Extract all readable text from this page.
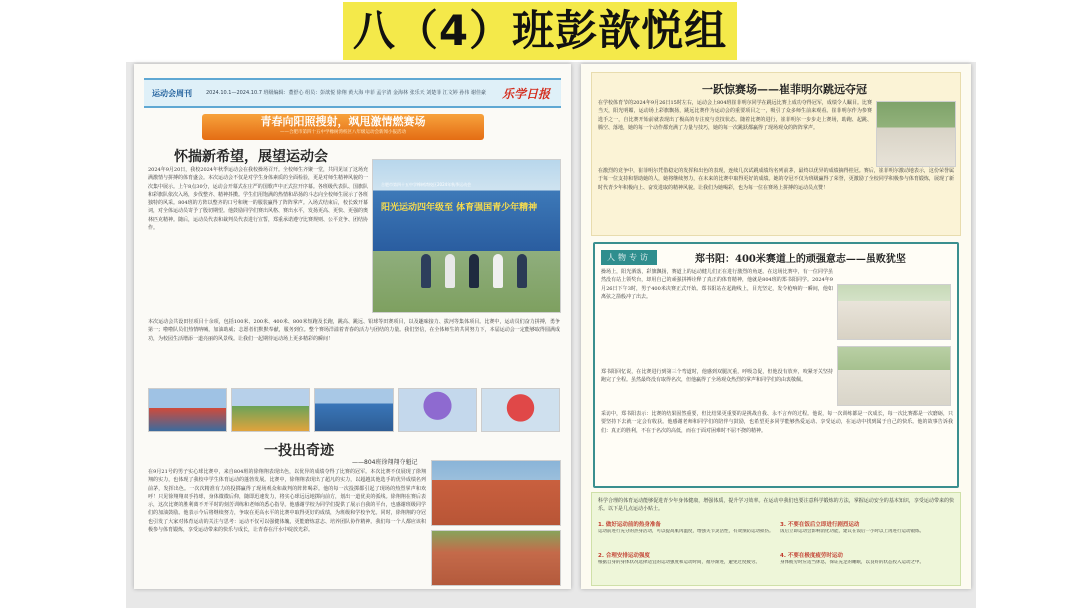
八（4）班彭歆悦组
运动会周刊	2024.10.1—2024.10.7 班级编辑：董舒心 组员：彭歆悦 徐翔 黄大海 申菲 孟宇清 金海林 张乐天 刘楚菲 江文婷 孙伟 谢佳豪	乐学日报
青春向阳照搜射，飒甩激情燃赛场
——合肥市第四十五中学橡树湾校区八年级运动会新闻小报活动
怀揣新希望，展望运动会
2024年9月20日，我校2024年秋季运动会在我校操场召开。全校师生齐聚一堂，共同见证了这场充满激情与拼搏的体育盛会。本次运动会不仅是对学生身体素质的全面检验，更是对师生精神风貌的一次集中展示。上午8点30分，运动会开幕式在庄严的国歌声中正式拉开序幕。各班级代表队、国旗队和彩旗队依次入场，步伐整齐、精神抖擞。学生们用饱满的热情和昂扬的斗志向全校师生展示了各班独特的风采。804班的方阵以整齐的口号和统一的服装赢得了阵阵掌声。入场式结束后，校长致开幕词，对全体运动员寄予了殷切期望。他鼓励同学们赛出风格、赛出水平，发扬更高、更快、更强的奥林匹克精神。随后，运动员代表和裁判员代表进行宣誓，郑重承诺遵守比赛规则、公平竞争、团结协作。
合肥市第四十五中学橡树湾校区2024年秋季运动会
阳光运动四年级至 体育强国青少年精神
本次运动会共设田径项目十余项，包括100米、200米、400米、800米短跑及长跑，跳高、跳远、铅球等田赛项目，以及趣味接力、拔河等集体项目。比赛中，运动员们奋力拼搏，勇争第一；啦啦队员们热情呐喊，加油助威；志愿者们默默奉献，服务到位。整个赛场洋溢着青春的活力与团结的力量。我们坚信，在全体师生的共同努力下，本届运动会一定能够取得圆满成功，为校园生活增添一道亮丽的风景线。让我们一起期待运动场上更多精彩的瞬间！
一投出奇迹
——804班徐翔翔夺魁记
在9月21号的男子实心球比赛中，来自804班的徐翔翔表现出色，以优异的成绩夺得了比赛的冠军。本次比赛不仅展现了徐翔翔的实力，也体现了我校中学生体育运动的蓬勃发展。比赛中，徐翔翔表现出了超凡的实力，以超越其他选手的优异成绩名列前茅，发挥出色。一次次精准有力的投掷赢得了现场观众和裁判的阵阵喝彩。他的每一次投掷都引起了现场的热烈掌声和欢呼！只见徐翔翔双手持球，身体微微后仰，随即迅速发力，将实心球远远地掷向前方，划出一道优美的弧线。徐翔翔在赛后表示，这次比赛的胜利离不开平时的刻苦训练和老师的悉心指导。他感谢学校为同学们提供了展示自我的平台，也感谢班级同学们的加油鼓励。他表示今后将继续努力，争取在更高水平的比赛中取得更好的成绩，为班级和学校争光。同时，徐翔翔的夺冠也引发了大家对体育运动的关注与思考：运动不仅可以强健体魄，更能磨炼意志、培养团队协作精神。我们每一个人都应该积极参与体育锻炼，享受运动带来的快乐与成长，让青春在汗水中绽放光彩。
一跃惊赛场——崔菲明尔跳远夺冠
在学校体育节的2024年9月26日15时左右，运动会上804班崔菲明尔同学在跳远比赛上成功夺得冠军，成绩令人瞩目。比赛当天，阳光明媚，运动场上彩旗飘扬，跳远比赛作为运动会的重要项目之一，吸引了众多师生前来观看。崔菲明尔作为参赛选手之一，自比赛开始前就表现出了极高的专注度与竞技状态。随着比赛的进行，崔菲明尔一步步走上赛场，助跑、起跳、腾空、落地，她的每一个动作都充满了力量与技巧，她的每一次跳跃都赢得了现场观众的阵阵掌声。
在激烈的竞争中，崔菲明尔凭借稳定的发挥和出色的表现，连续几次试跳成绩均名列前茅，最终以优异的成绩摘得桂冠。赛后，崔菲明尔激动地表示，这份荣誉属于每一位支持和帮助她的人，她将继续努力，在未来的比赛中取得更好的成绩。她的夺冠不仅为班级赢得了荣誉，更激励了全校同学积极参与体育锻炼，展现了新时代青少年积极向上、奋发进取的精神风貌。让我们为她喝彩，也为每一位在赛场上拼搏的运动员点赞！
人物专访	郑书阳：400米赛道上的顽强意志——虽败犹坚
操场上，阳光洒落，彩旗飘扬，赛道上的运动健儿们正在进行激烈的角逐。在这场比赛中，有一位同学虽然没有站上领奖台，却用自己的顽强拼搏诠释了真正的体育精神，他就是804班的郑书阳同学。2024年9月26日下午3时，男子400米决赛正式开始。郑书阳站在起跑线上，目光坚定，发令枪响的一瞬间，他如离弦之箭般冲了出去。
郑书阳回忆说，在比赛进行到第三个弯道时，他感到双腿沉重，呼吸急促，但他没有放弃，咬紧牙关坚持跑完了全程。虽然最终没有取得名次，但他赢得了全场观众热烈的掌声和同学们的由衷敬佩。
采访中，郑书阳表示：比赛的结果固然重要，但比结果更重要的是挑战自我、永不言弃的过程。他说，每一次训练都是一次成长，每一次比赛都是一次磨砺，只要坚持下去就一定会有收获。他感谢老师和同学们的陪伴与鼓励，也希望更多同学能够热爱运动、享受运动，在运动中找到属于自己的快乐。他的故事告诉我们：真正的胜利，不在于名次的高低，而在于面对困难时不屈不挠的精神。
科学合理的体育运动能够促进青少年身体健康，增强体质，提升学习效率。在运动中我们也要注意科学锻炼的方法，掌握运动安全的基本知识，享受运动带来的快乐。以下是几点运动小贴士。
1. 做好运动前的热身准备
运动前进行充分的热身活动，可以提高肌肉温度，增强关节灵活性，有效预防运动损伤。
2. 合理安排运动强度
根据自身的身体状况选择适宜的运动强度和运动时间，循序渐进，避免过度疲劳。
3. 不要在饭后立即进行剧烈运动
饭后立即运动会影响消化功能，建议在饭后一小时以上再进行运动锻炼。
4. 不要在极度疲劳时运动
身体疲劳时应适当休息，保证充足的睡眠，以良好的状态投入运动之中。
